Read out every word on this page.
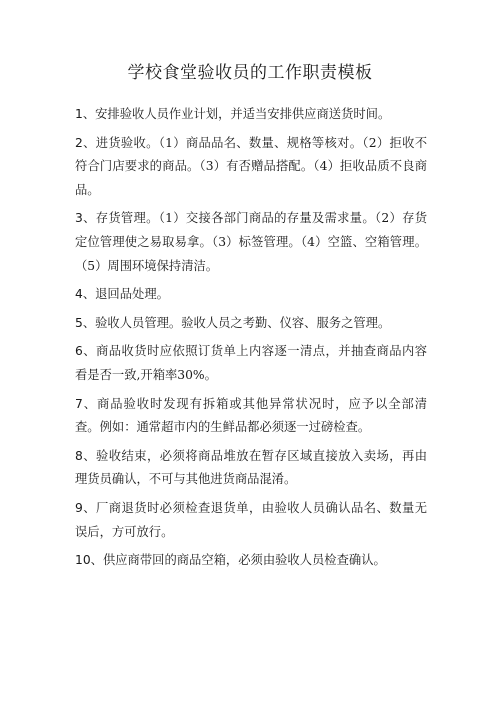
学校食堂验收员的工作职责模板
1、安排验收人员作业计划，并适当安排供应商送货时间。
2、进货验收。（1）商品品名、数量、规格等核对。（2）拒收不符合门店要求的商品。（3）有否赠品搭配。（4）拒收品质不良商品。
3、存货管理。（1）交接各部门商品的存量及需求量。（2）存货定位管理使之易取易拿。（3）标签管理。（4）空篮、空箱管理。（5）周围环境保持清洁。
4、退回品处理。
5、验收人员管理。验收人员之考勤、仪容、服务之管理。
6、商品收货时应依照订货单上内容逐一清点，并抽查商品内容看是否一致,开箱率30%。
7、商品验收时发现有拆箱或其他异常状况时，应予以全部清查。例如：通常超市内的生鲜品都必须逐一过磅检查。
8、验收结束，必须将商品堆放在暂存区域直接放入卖场，再由理货员确认，不可与其他进货商品混淆。
9、厂商退货时必须检查退货单，由验收人员确认品名、数量无误后，方可放行。
10、供应商带回的商品空箱，必须由验收人员检查确认。
